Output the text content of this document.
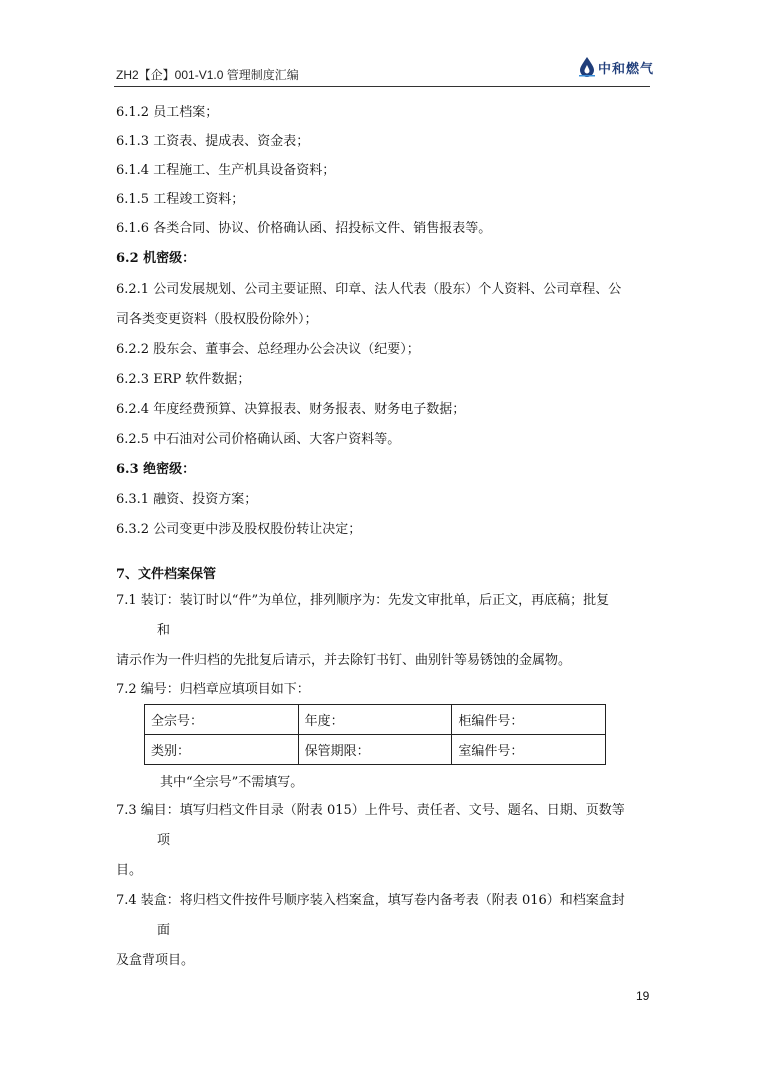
ZH2【企】001-V1.0 管理制度汇编	中和燃气
6.1.2 员工档案；
6.1.3 工资表、提成表、资金表；
6.1.4 工程施工、生产机具设备资料；
6.1.5 工程竣工资料；
6.1.6 各类合同、协议、价格确认函、招投标文件、销售报表等。
6.2 机密级：
6.2.1 公司发展规划、公司主要证照、印章、法人代表（股东）个人资料、公司章程、公
司各类变更资料（股权股份除外）；
6.2.2 股东会、董事会、总经理办公会决议（纪要）；
6.2.3 ERP 软件数据；
6.2.4 年度经费预算、决算报表、财务报表、财务电子数据；
6.2.5 中石油对公司价格确认函、大客户资料等。
6.3 绝密级：
6.3.1 融资、投资方案；
6.3.2 公司变更中涉及股权股份转让决定；
7、文件档案保管
7.1 装订：装订时以“件”为单位，排列顺序为：先发文审批单，后正文，再底稿；批复
和
请示作为一件归档的先批复后请示，并去除钉书钉、曲别针等易锈蚀的金属物。
7.2 编号：归档章应填项目如下：
全宗号：	年度：	柜编件号：
类别：	保管期限：	室编件号：
其中“全宗号”不需填写。
7.3 编目：填写归档文件目录（附表 015）上件号、责任者、文号、题名、日期、页数等
项
目。
7.4 装盒：将归档文件按件号顺序装入档案盒，填写卷内备考表（附表 016）和档案盒封
面
及盒背项目。
19
